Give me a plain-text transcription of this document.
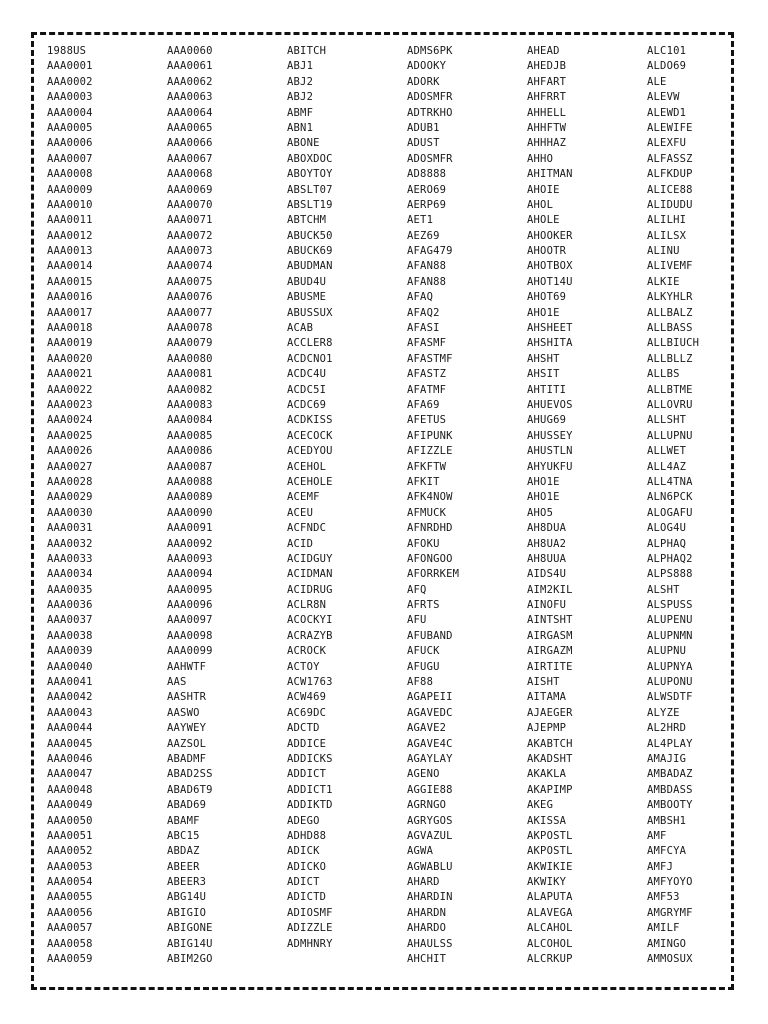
1988US
AAA0001
AAA0002
AAA0003
AAA0004
AAA0005
AAA0006
AAA0007
AAA0008
AAA0009
AAA0010
AAA0011
AAA0012
AAA0013
AAA0014
AAA0015
AAA0016
AAA0017
AAA0018
AAA0019
AAA0020
AAA0021
AAA0022
AAA0023
AAA0024
AAA0025
AAA0026
AAA0027
AAA0028
AAA0029
AAA0030
AAA0031
AAA0032
AAA0033
AAA0034
AAA0035
AAA0036
AAA0037
AAA0038
AAA0039
AAA0040
AAA0041
AAA0042
AAA0043
AAA0044
AAA0045
AAA0046
AAA0047
AAA0048
AAA0049
AAA0050
AAA0051
AAA0052
AAA0053
AAA0054
AAA0055
AAA0056
AAA0057
AAA0058
AAA0059
AAA0060
AAA0061
AAA0062
AAA0063
AAA0064
AAA0065
AAA0066
AAA0067
AAA0068
AAA0069
AAA0070
AAA0071
AAA0072
AAA0073
AAA0074
AAA0075
AAA0076
AAA0077
AAA0078
AAA0079
AAA0080
AAA0081
AAA0082
AAA0083
AAA0084
AAA0085
AAA0086
AAA0087
AAA0088
AAA0089
AAA0090
AAA0091
AAA0092
AAA0093
AAA0094
AAA0095
AAA0096
AAA0097
AAA0098
AAA0099
AAHWTF
AAS
AASHTR
AASWO
AAYWEY
AAZSOL
ABADMF
ABAD2SS
ABAD6T9
ABAD69
ABAMF
ABC15
ABDAZ
ABEER
ABEER3
ABG14U
ABIGIO
ABIGONE
ABIG14U
ABIM2GO
ABITCH
ABJ1
ABJ2
ABJ2
ABMF
ABN1
ABONE
ABOXDOC
ABOYTOY
ABSLT07
ABSLT19
ABTCHM
ABUCK50
ABUCK69
ABUDMAN
ABUD4U
ABUSME
ABUSSUX
ACAB
ACCLER8
ACDCNO1
ACDC4U
ACDC5I
ACDC69
ACDKISS
ACECOCK
ACEDYOU
ACEHOL
ACEHOLE
ACEMF
ACEU
ACFNDC
ACID
ACIDGUY
ACIDMAN
ACIDRUG
ACLR8N
ACOCKYI
ACRAZYB
ACROCK
ACTOY
ACW1763
ACW469
AC69DC
ADCTD
ADDICE
ADDICKS
ADDICT
ADDICT1
ADDIKTD
ADEGO
ADHD88
ADICK
ADICKO
ADICT
ADICTD
ADIOSMF
ADIZZLE
ADMHNRY
ADMS6PK
ADOOKY
ADORK
ADOSMFR
ADTRKHO
ADUB1
ADUST
ADOSMFR
AD8888
AERO69
AERP69
AET1
AEZ69
AFAG479
AFAN88
AFAN88
AFAQ
AFAQ2
AFASI
AFASMF
AFASTMF
AFASTZ
AFATMF
AFA69
AFETUS
AFIPUNK
AFIZZLE
AFKFTW
AFKIT
AFK4NOW
AFMUCK
AFNRDHD
AFOKU
AFONGOO
AFORRKEM
AFQ
AFRTS
AFU
AFUBAND
AFUCK
AFUGU
AF88
AGAPEII
AGAVEDC
AGAVE2
AGAVE4C
AGAYLAY
AGENO
AGGIE88
AGRNGO
AGRYGOS
AGVAZUL
AGWA
AGWABLU
AHARD
AHARDIN
AHARDN
AHARDO
AHAULSS
AHCHIT
AHEAD
AHEDJB
AHFART
AHFRRT
AHHELL
AHHFTW
AHHHAZ
AHHO
AHITMAN
AHOIE
AHOL
AHOLE
AHOOKER
AHOOTR
AHOTBOX
AHOT14U
AHOT69
AHO1E
AHSHEET
AHSHITA
AHSHT
AHSIT
AHTITI
AHUEVOS
AHUG69
AHUSSEY
AHUSTLN
AHYUKFU
AHO1E
AHO1E
AHO5
AH8DUA
AH8UA2
AH8UUA
AIDS4U
AIM2KIL
AINOFU
AINTSHT
AIRGASM
AIRGAZM
AIRTITE
AISHT
AITAMA
AJAEGER
AJEPMP
AKABTCH
AKADSHT
AKAKLA
AKAPIMP
AKEG
AKISSA
AKPOSTL
AKPOSTL
AKWIKIE
AKWIKY
ALAPUTA
ALAVEGA
ALCAHOL
ALCOHOL
ALCRKUP
ALC101
ALDO69
ALE
ALEVW
ALEWD1
ALEWIFE
ALEXFU
ALFASSZ
ALFKDUP
ALICE88
ALIDUDU
ALILHI
ALILSX
ALINU
ALIVEMF
ALKIE
ALKYHLR
ALLBALZ
ALLBASS
ALLBIUCH
ALLBLLZ
ALLBS
ALLBTME
ALLOVRU
ALLSHT
ALLUPNU
ALLWET
ALL4AZ
ALL4TNA
ALN6PCK
ALOGAFU
ALOG4U
ALPHAQ
ALPHAQ2
ALPS888
ALSHT
ALSPUSS
ALUPENU
ALUPNMN
ALUPNU
ALUPNYA
ALUPONU
ALWSDTF
ALYZE
AL2HRD
AL4PLAY
AMAJIG
AMBADAZ
AMBDASS
AMBOOTY
AMBSH1
AMF
AMFCYA
AMFJ
AMFYOYO
AMF53
AMGRYMF
AMILF
AMINGO
AMMOSUX
